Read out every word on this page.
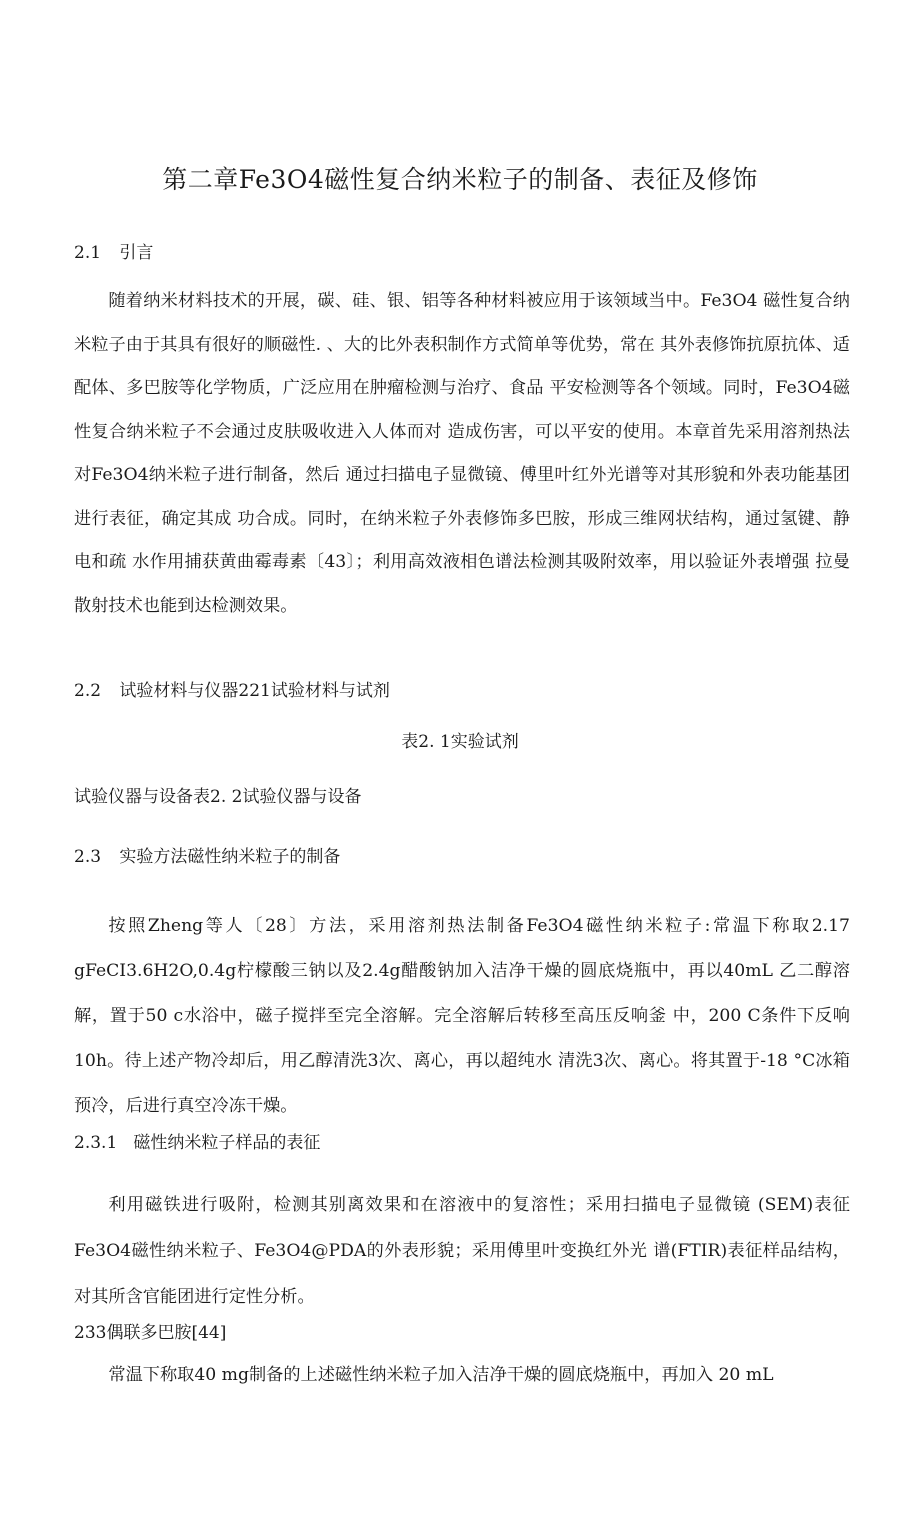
第二章Fe3O4磁性复合纳米粒子的制备、表征及修饰
2.1 引言

随着纳米材料技术的开展，碳、硅、银、铝等各种材料被应用于该领域当中。Fe3O4 磁性复合纳米粒子由于其具有很好的顺磁性. 、大的比外表积制作方式简单等优势，常在 其外表修饰抗原抗体、适配体、多巴胺等化学物质，广泛应用在肿瘤检测与治疗、食品 平安检测等各个领域。同时，Fe3O4磁性复合纳米粒子不会通过皮肤吸收进入人体而对 造成伤害，可以平安的使用。本章首先采用溶剂热法对Fe3O4纳米粒子进行制备，然后 通过扫描电子显微镜、傅里叶红外光谱等对其形貌和外表功能基团进行表征，确定其成 功合成。同时，在纳米粒子外表修饰多巴胺，形成三维网状结构，通过氢键、静电和疏 水作用捕获黄曲霉毒素〔43〕；利用高效液相色谱法检测其吸附效率，用以验证外表增强 拉曼散射技术也能到达检测效果。

2.2 试验材料与仪器221试验材料与试剂
表2. 1实验试剂
试验仪器与设备表2. 2试验仪器与设备
2.3 实验方法磁性纳米粒子的制备

按照Zheng等人〔28〕方法，采用溶剂热法制备Fe3O4磁性纳米粒子:常温下称取2.17 gFeCI3.6H2O,0.4g柠檬酸三钠以及2.4g醋酸钠加入洁净干燥的圆底烧瓶中，再以40mL 乙二醇溶解，置于50 c水浴中，磁子搅拌至完全溶解。完全溶解后转移至高压反响釜 中，200 C条件下反响10h。待上述产物冷却后，用乙醇清洗3次、离心，再以超纯水 清洗3次、离心。将其置于-18 °C冰箱预冷，后进行真空冷冻干燥。

2.3.1 磁性纳米粒子样品的表征

利用磁铁进行吸附，检测其别离效果和在溶液中的复溶性；采用扫描电子显微镜 (SEM)表征Fe3O4磁性纳米粒子、Fe3O4@PDA的外表形貌；采用傅里叶变换红外光 谱(FTIR)表征样品结构，对其所含官能团进行定性分析。

233偶联多巴胺[44]

常温下称取40 mg制备的上述磁性纳米粒子加入洁净干燥的圆底烧瓶中，再加入 20 mL
